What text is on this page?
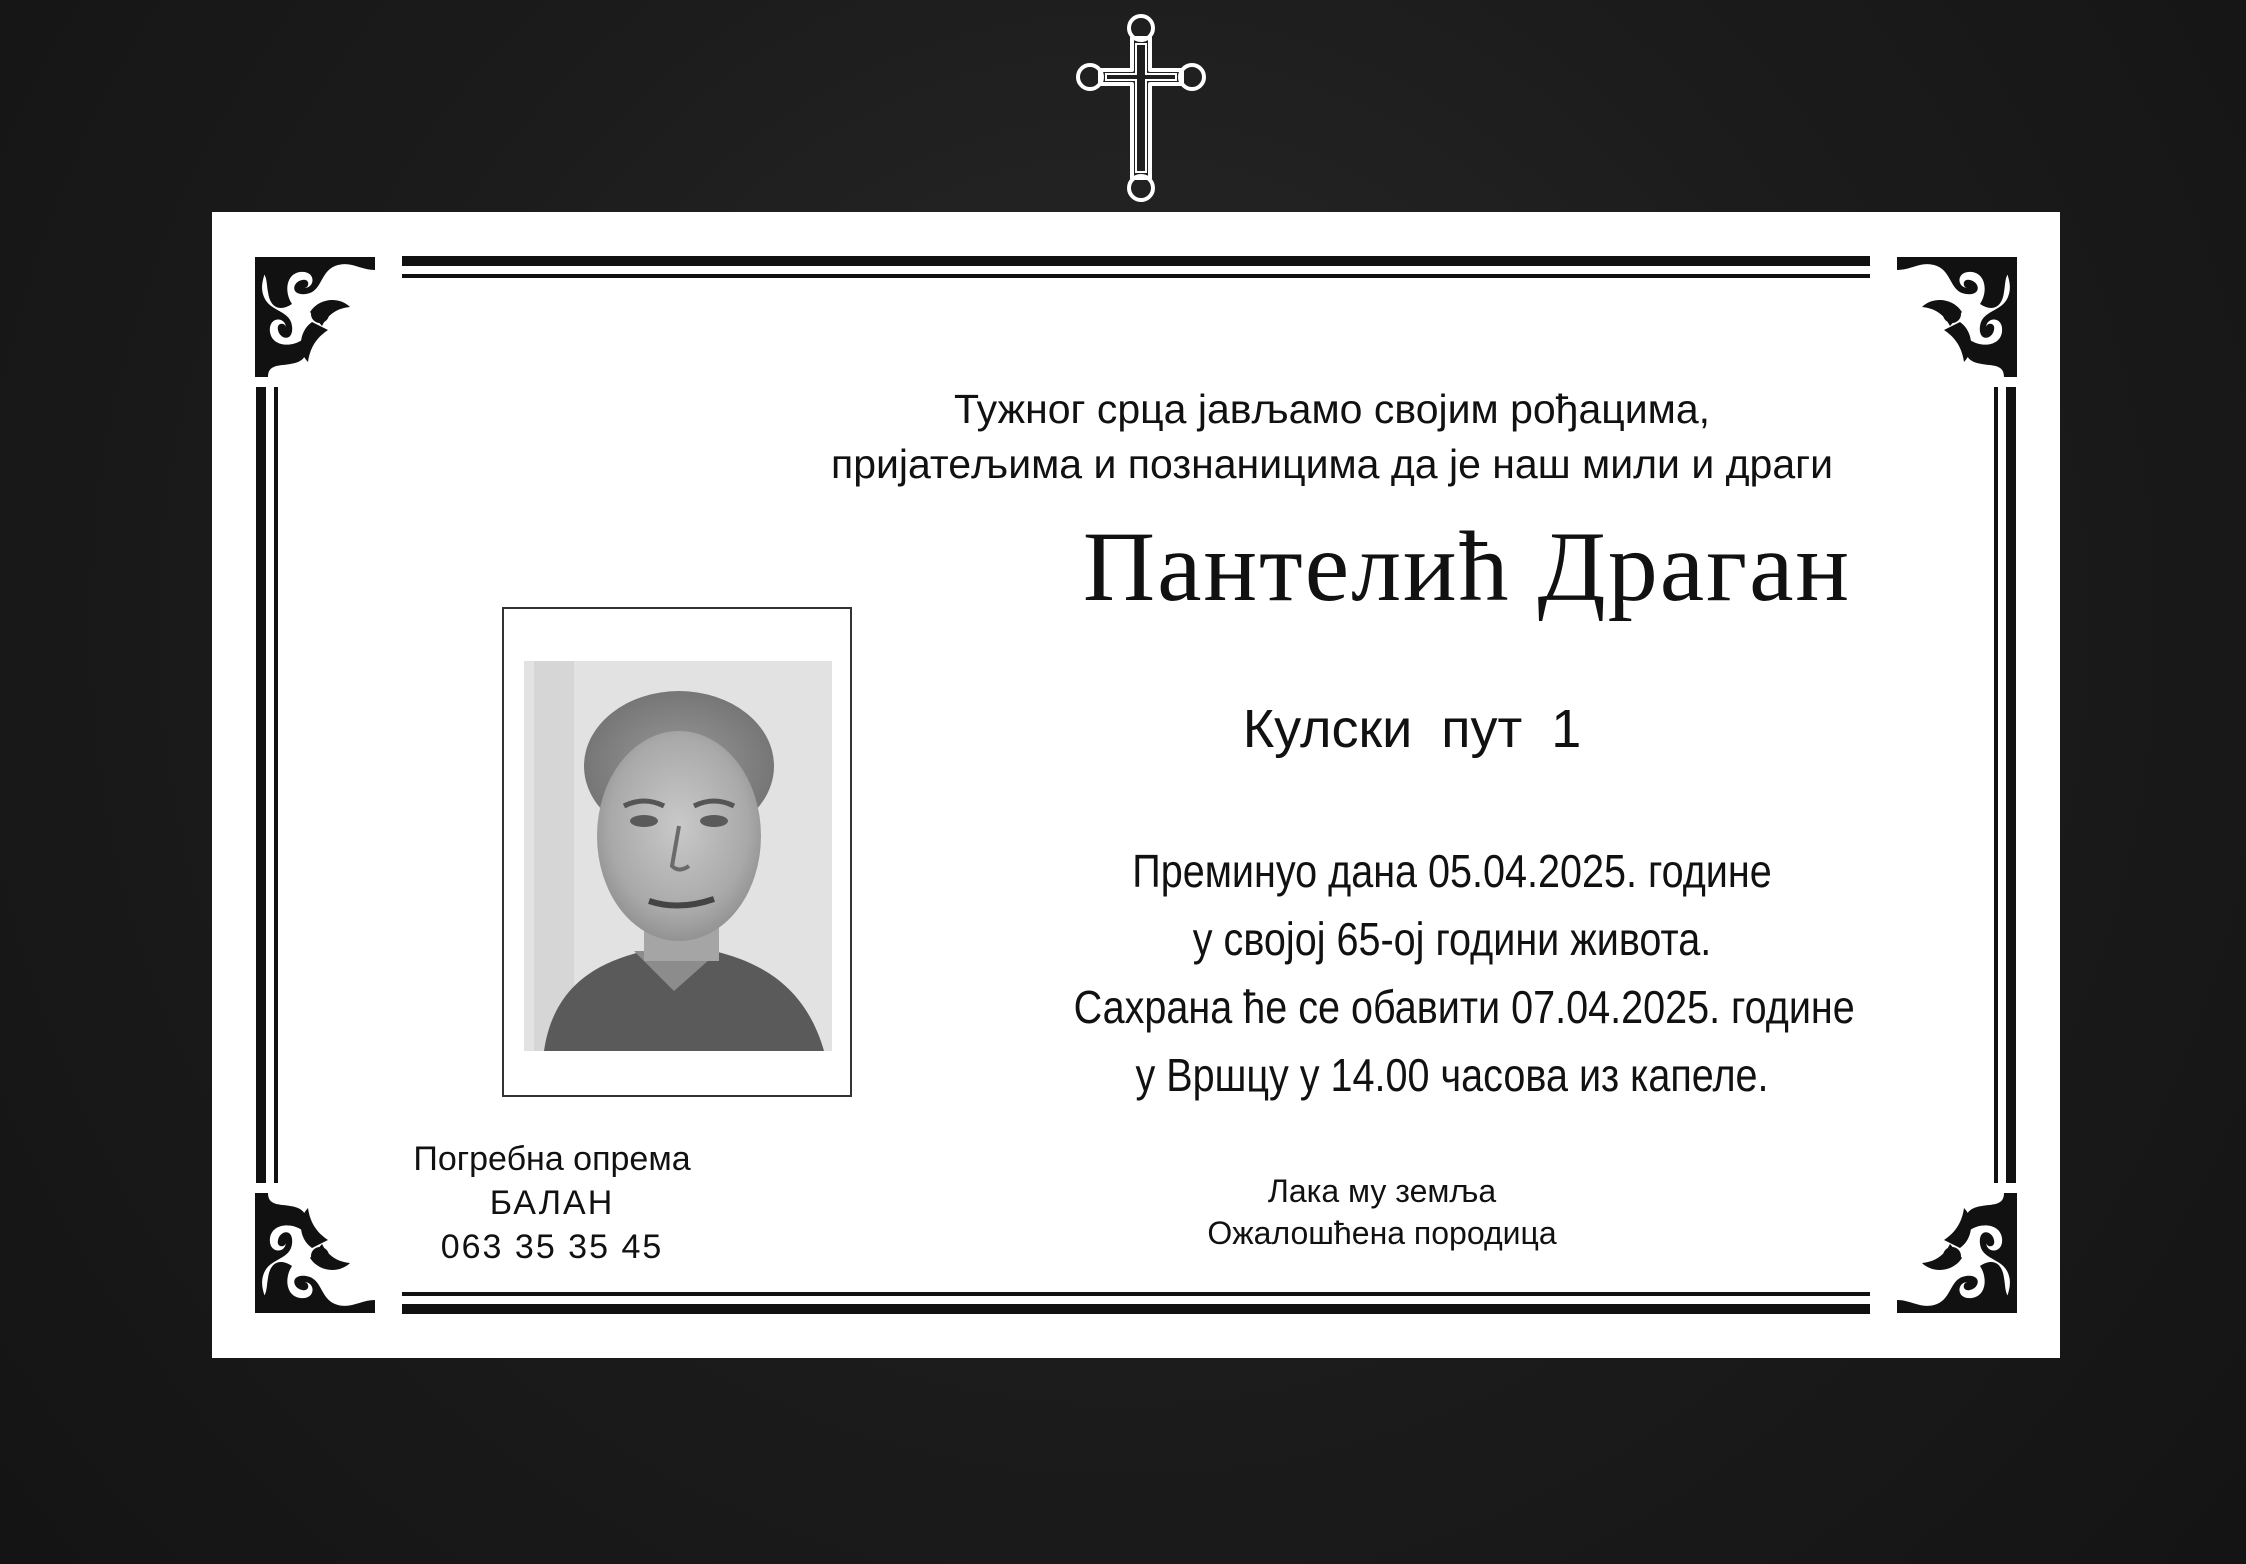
Тужног срца јављамо својим рођацима,
пријатељима и познаницима да је наш мили и драги
Пантелић Драган
Кулски пут 1
Преминуо дана 05.04.2025. године
у својој 65-ој години живота.
Сахрана ће се обавити 07.04.2025. године
у Вршцу у 14.00 часова из капеле.
Погребна опрема
БАЛАН
063 35 35 45
Лака му земља
Ожалошћена породица
